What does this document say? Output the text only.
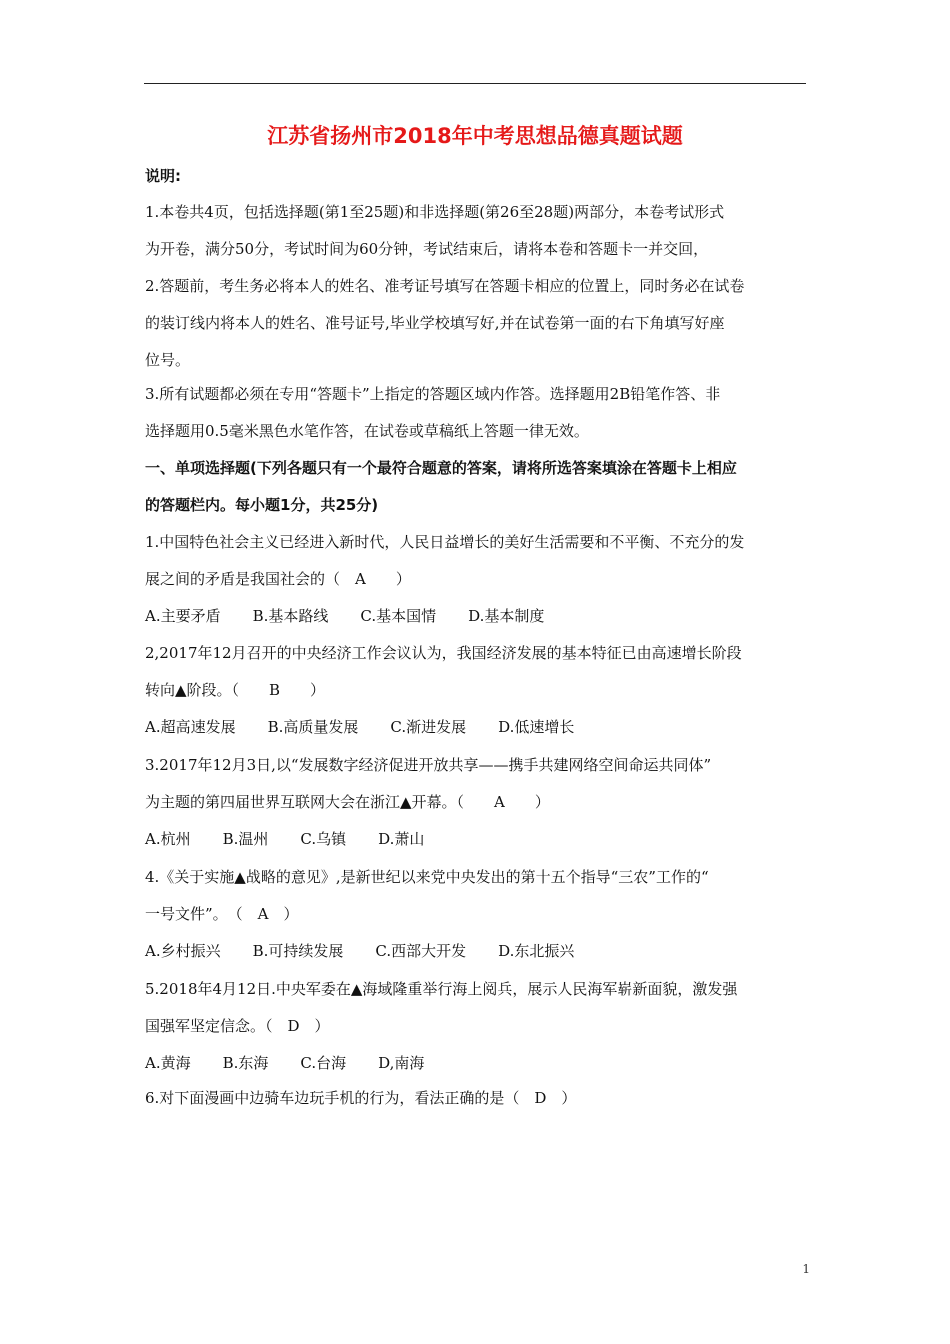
江苏省扬州市2018年中考思想品德真题试题
说明:
1.本卷共4页，包括选择题(第1至25题)和非选择题(第26至28题)两部分，本卷考试形式
为开卷，满分50分，考试时间为60分钟，考试结束后，请将本卷和答题卡一并交回，
2.答题前，考生务必将本人的姓名、准考证号填写在答题卡相应的位置上，同时务必在试卷
的装订线内将本人的姓名、准号证号,毕业学校填写好,并在试卷第一面的右下角填写好座
位号。
3.所有试题都必须在专用“答题卡”上指定的答题区域内作答。选择题用2B铅笔作答、非
选择题用0.5毫米黑色水笔作答，在试卷或草稿纸上答题一律无效。
一、单项选择题(下列各题只有一个最符合题意的答案，请将所选答案填涂在答题卡上相应
的答题栏内。每小题1分，共25分)
1.中国特色社会主义已经进入新时代，人民日益增长的美好生活需要和不平衡、不充分的发
展之间的矛盾是我国社会的（　A　　）
A.主要矛盾 B.基本路线 C.基本国情 D.基本制度
2,2017年12月召开的中央经济工作会议认为，我国经济发展的基本特征已由高速增长阶段
转向▲阶段。（　　B　　）
A.超高速发展 B.高质量发展 C.渐进发展 D.低速增长
3.2017年12月3日,以“发展数字经济促进开放共享——携手共建网络空间命运共同体”
为主题的第四届世界互联网大会在浙江▲开幕。（　　A　　）
A.杭州 B.温州 C.乌镇 D.萧山
4.《关于实施▲战略的意见》,是新世纪以来党中央发出的第十五个指导“三农”工作的“
一号文件”。　（　A　）
A.乡村振兴 B.可持续发展 C.西部大开发 D.东北振兴
5.2018年4月12日.中央军委在▲海域隆重举行海上阅兵，展示人民海军崭新面貌，激发强
国强军坚定信念。（　D　）
A.黄海 B.东海 C.台海 D,南海
6.对下面漫画中边骑车边玩手机的行为，看法正确的是（　D　）
1
